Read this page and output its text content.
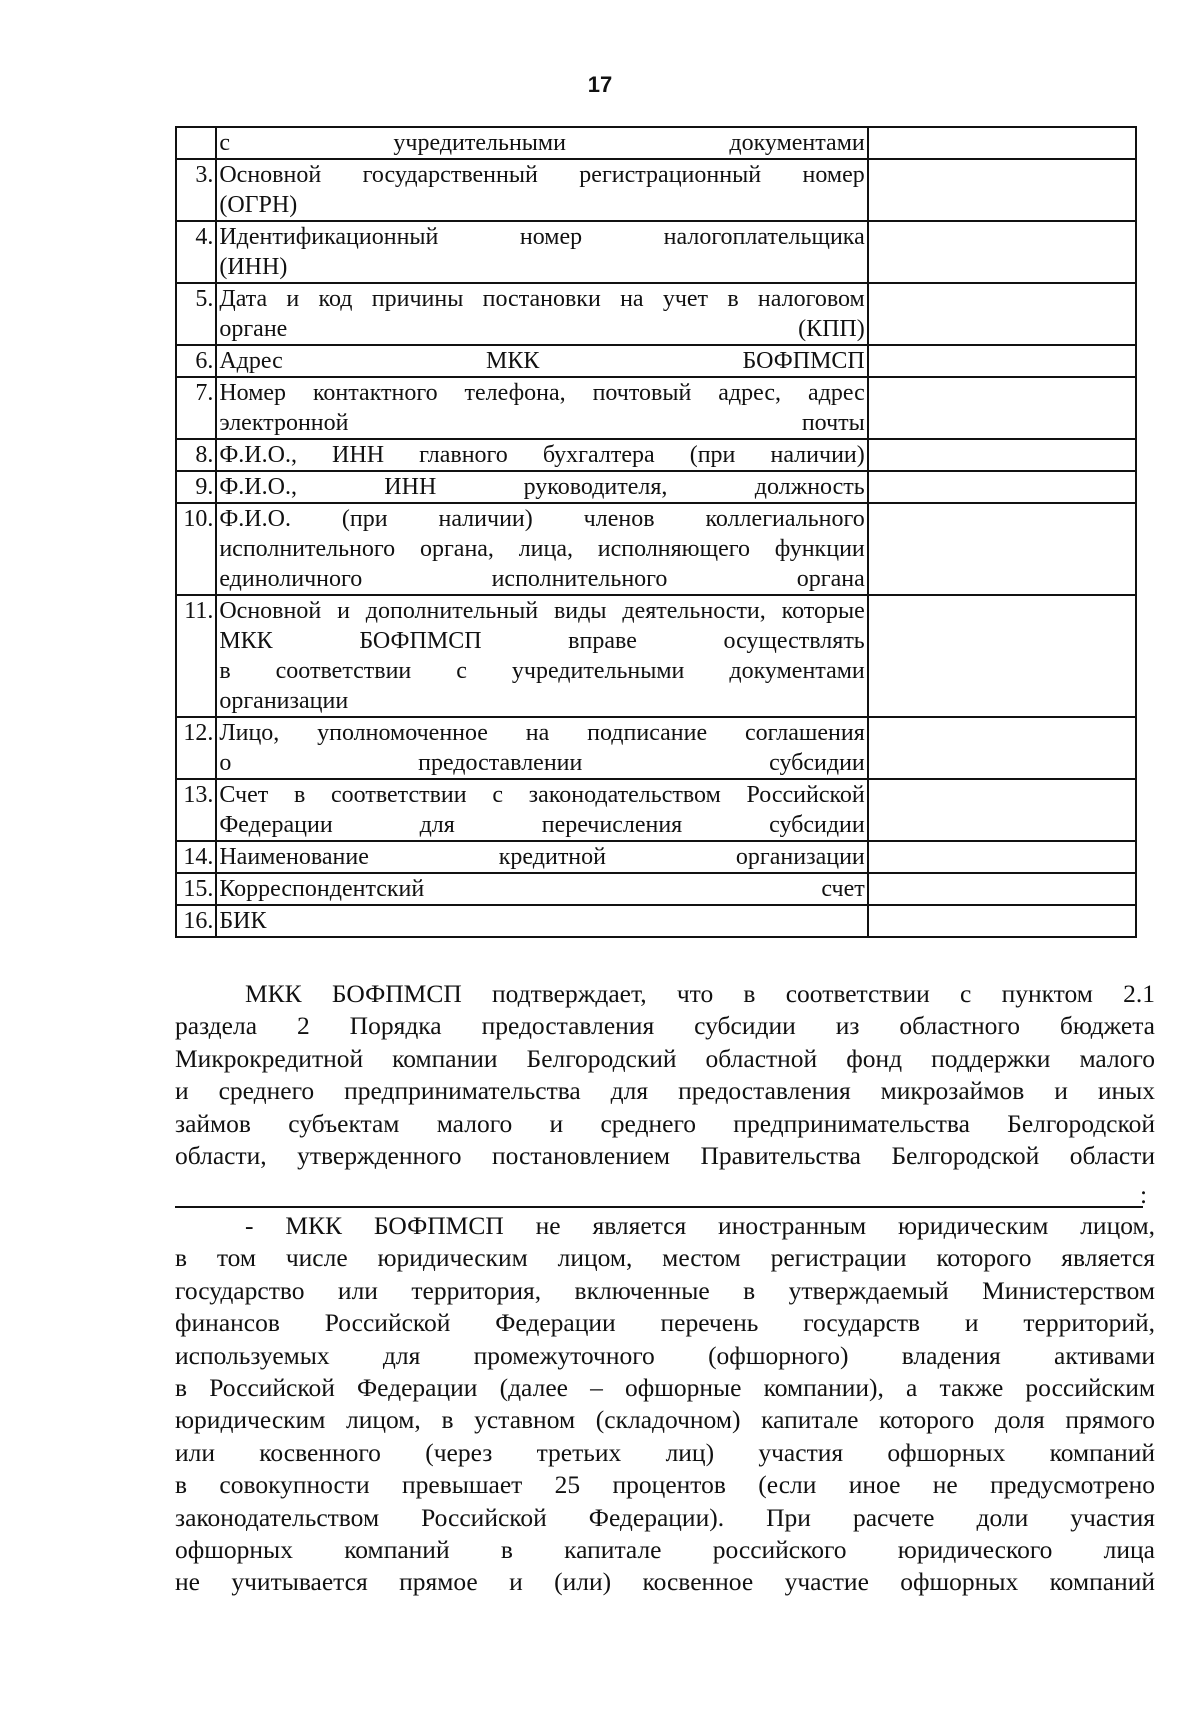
17

	с учредительными документами	

3.	Основной государственный регистрационный номер
(ОГРН)	

4.	Идентификационный номер налогоплательщика
(ИНН)	

5.	Дата и код причины постановки на учет в налоговом
органе (КПП)	

6.	Адрес МКК БОФПМСП	

7.	Номер контактного телефона, почтовый адрес, адрес
электронной почты	

8.	Ф.И.О., ИНН главного бухгалтера (при наличии)	

9.	Ф.И.О., ИНН руководителя, должность	

10.	Ф.И.О. (при наличии) членов коллегиального
исполнительного органа, лица, исполняющего функции
единоличного исполнительного органа	

11.	Основной и дополнительный виды деятельности, которые
МКК БОФПМСП вправе осуществлять
в соответствии с учредительными документами
организации	

12.	Лицо, уполномоченное на подписание соглашения
о предоставлении субсидии	

13.	Счет в соответствии с законодательством Российской
Федерации для перечисления субсидии	

14.	Наименование кредитной организации	

15.	Корреспондентский счет	

16.	БИК	

МКК БОФПМСП подтверждает, что в соответствии с пунктом 2.1
раздела 2 Порядка предоставления субсидии из областного бюджета
Микрокредитной компании Белгородский областной фонд поддержки малого
и среднего предпринимательства для предоставления микрозаймов и иных
займов субъектам малого и среднего предпринимательства Белгородской
области, утвержденного постановлением Правительства Белгородской области
:
- МКК БОФПМСП не является иностранным юридическим лицом,
в том числе юридическим лицом, местом регистрации которого является
государство или территория, включенные в утверждаемый Министерством
финансов Российской Федерации перечень государств и территорий,
используемых для промежуточного (офшорного) владения активами
в Российской Федерации (далее – офшорные компании), а также российским
юридическим лицом, в уставном (складочном) капитале которого доля прямого
или косвенного (через третьих лиц) участия офшорных компаний
в совокупности превышает 25 процентов (если иное не предусмотрено
законодательством Российской Федерации). При расчете доли участия
офшорных компаний в капитале российского юридического лица
не учитывается прямое и (или) косвенное участие офшорных компаний
